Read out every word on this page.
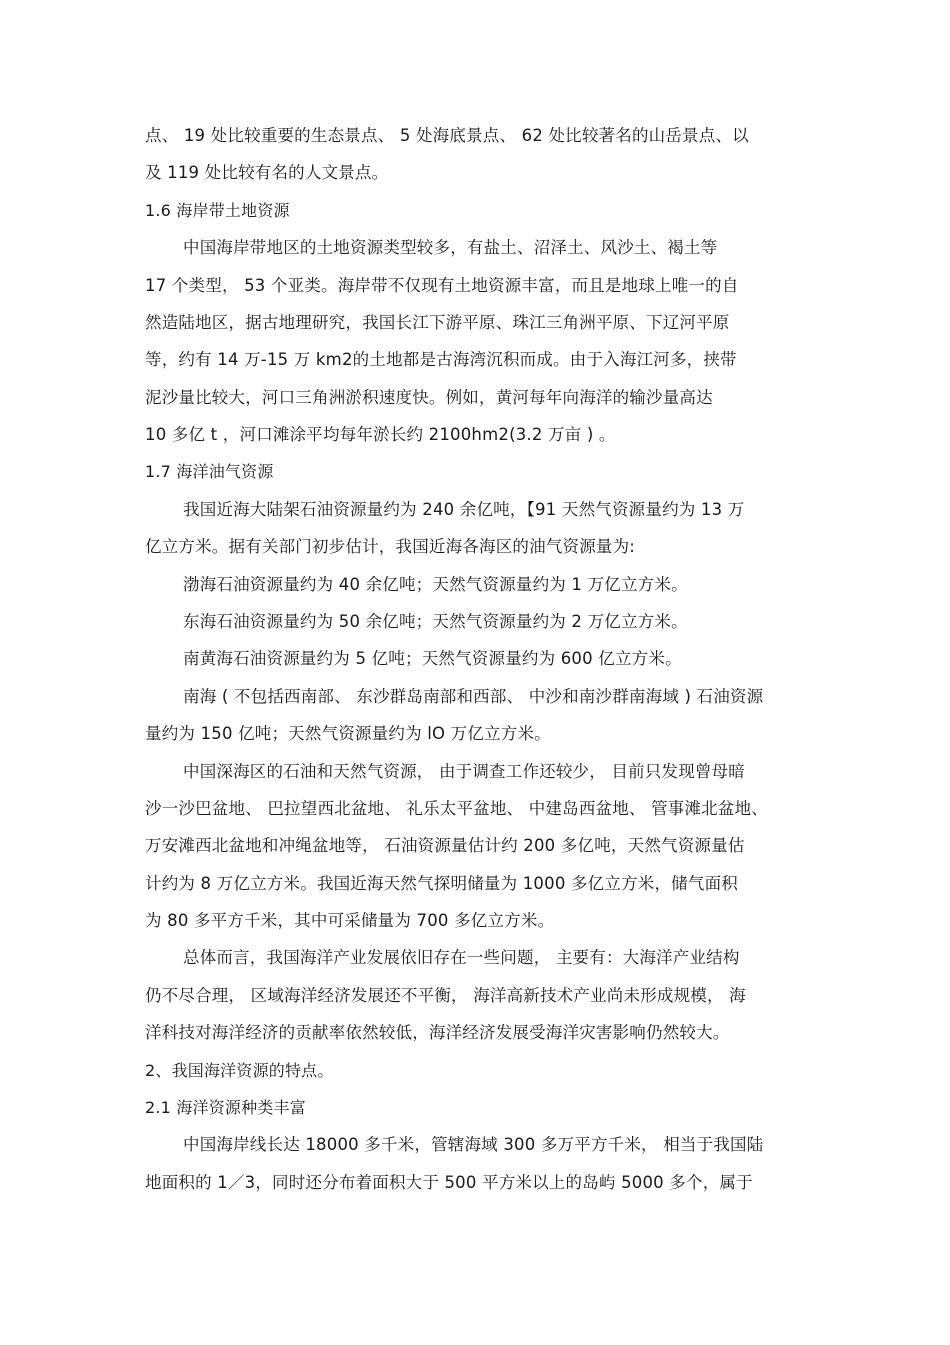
点、 19 处比较重要的生态景点、 5 处海底景点、 62 处比较著名的山岳景点、以
及 119 处比较有名的人文景点。
1.6 海岸带土地资源
中国海岸带地区的土地资源类型较多，有盐土、沼泽土、风沙土、褐土等
17 个类型， 53 个亚类。海岸带不仅现有土地资源丰富，而且是地球上唯一的自
然造陆地区，据古地理研究，我国长江下游平原、珠江三角洲平原、下辽河平原
等，约有 14 万-15 万 km2的土地都是古海湾沉积而成。由于入海江河多，挟带
泥沙量比较大，河口三角洲淤积速度快。例如，黄河每年向海洋的输沙量高达
10 多亿 t ，河口滩涂平均每年淤长约 2100hm2(3.2 万亩 ) 。
1.7 海洋油气资源
我国近海大陆架石油资源量约为 240 余亿吨，【91 天然气资源量约为 13 万
亿立方米。据有关部门初步估计，我国近海各海区的油气资源量为:
渤海石油资源量约为 40 余亿吨；天然气资源量约为 1 万亿立方米。
东海石油资源量约为 50 余亿吨；天然气资源量约为 2 万亿立方米。
南黄海石油资源量约为 5 亿吨；天然气资源量约为 600 亿立方米。
南海 ( 不包括西南部、 东沙群岛南部和西部、 中沙和南沙群南海域 ) 石油资源
量约为 150 亿吨；天然气资源量约为 lO 万亿立方米。
中国深海区的石油和天然气资源， 由于调查工作还较少， 目前只发现曾母暗
沙一沙巴盆地、 巴拉望西北盆地、 礼乐太平盆地、 中建岛西盆地、 管事滩北盆地、
万安滩西北盆地和冲绳盆地等， 石油资源量估计约 200 多亿吨，天然气资源量估
计约为 8 万亿立方米。我国近海天然气探明储量为 1000 多亿立方米，储气面积
为 80 多平方千米，其中可采储量为 700 多亿立方米。
总体而言，我国海洋产业发展依旧存在一些问题， 主要有：大海洋产业结构
仍不尽合理， 区域海洋经济发展还不平衡， 海洋高新技术产业尚未形成规模， 海
洋科技对海洋经济的贡献率依然较低，海洋经济发展受海洋灾害影响仍然较大。
2、我国海洋资源的特点。
2.1 海洋资源种类丰富
中国海岸线长达 18000 多千米，管辖海域 300 多万平方千米， 相当于我国陆
地面积的 1／3，同时还分布着面积大于 500 平方米以上的岛屿 5000 多个，属于
